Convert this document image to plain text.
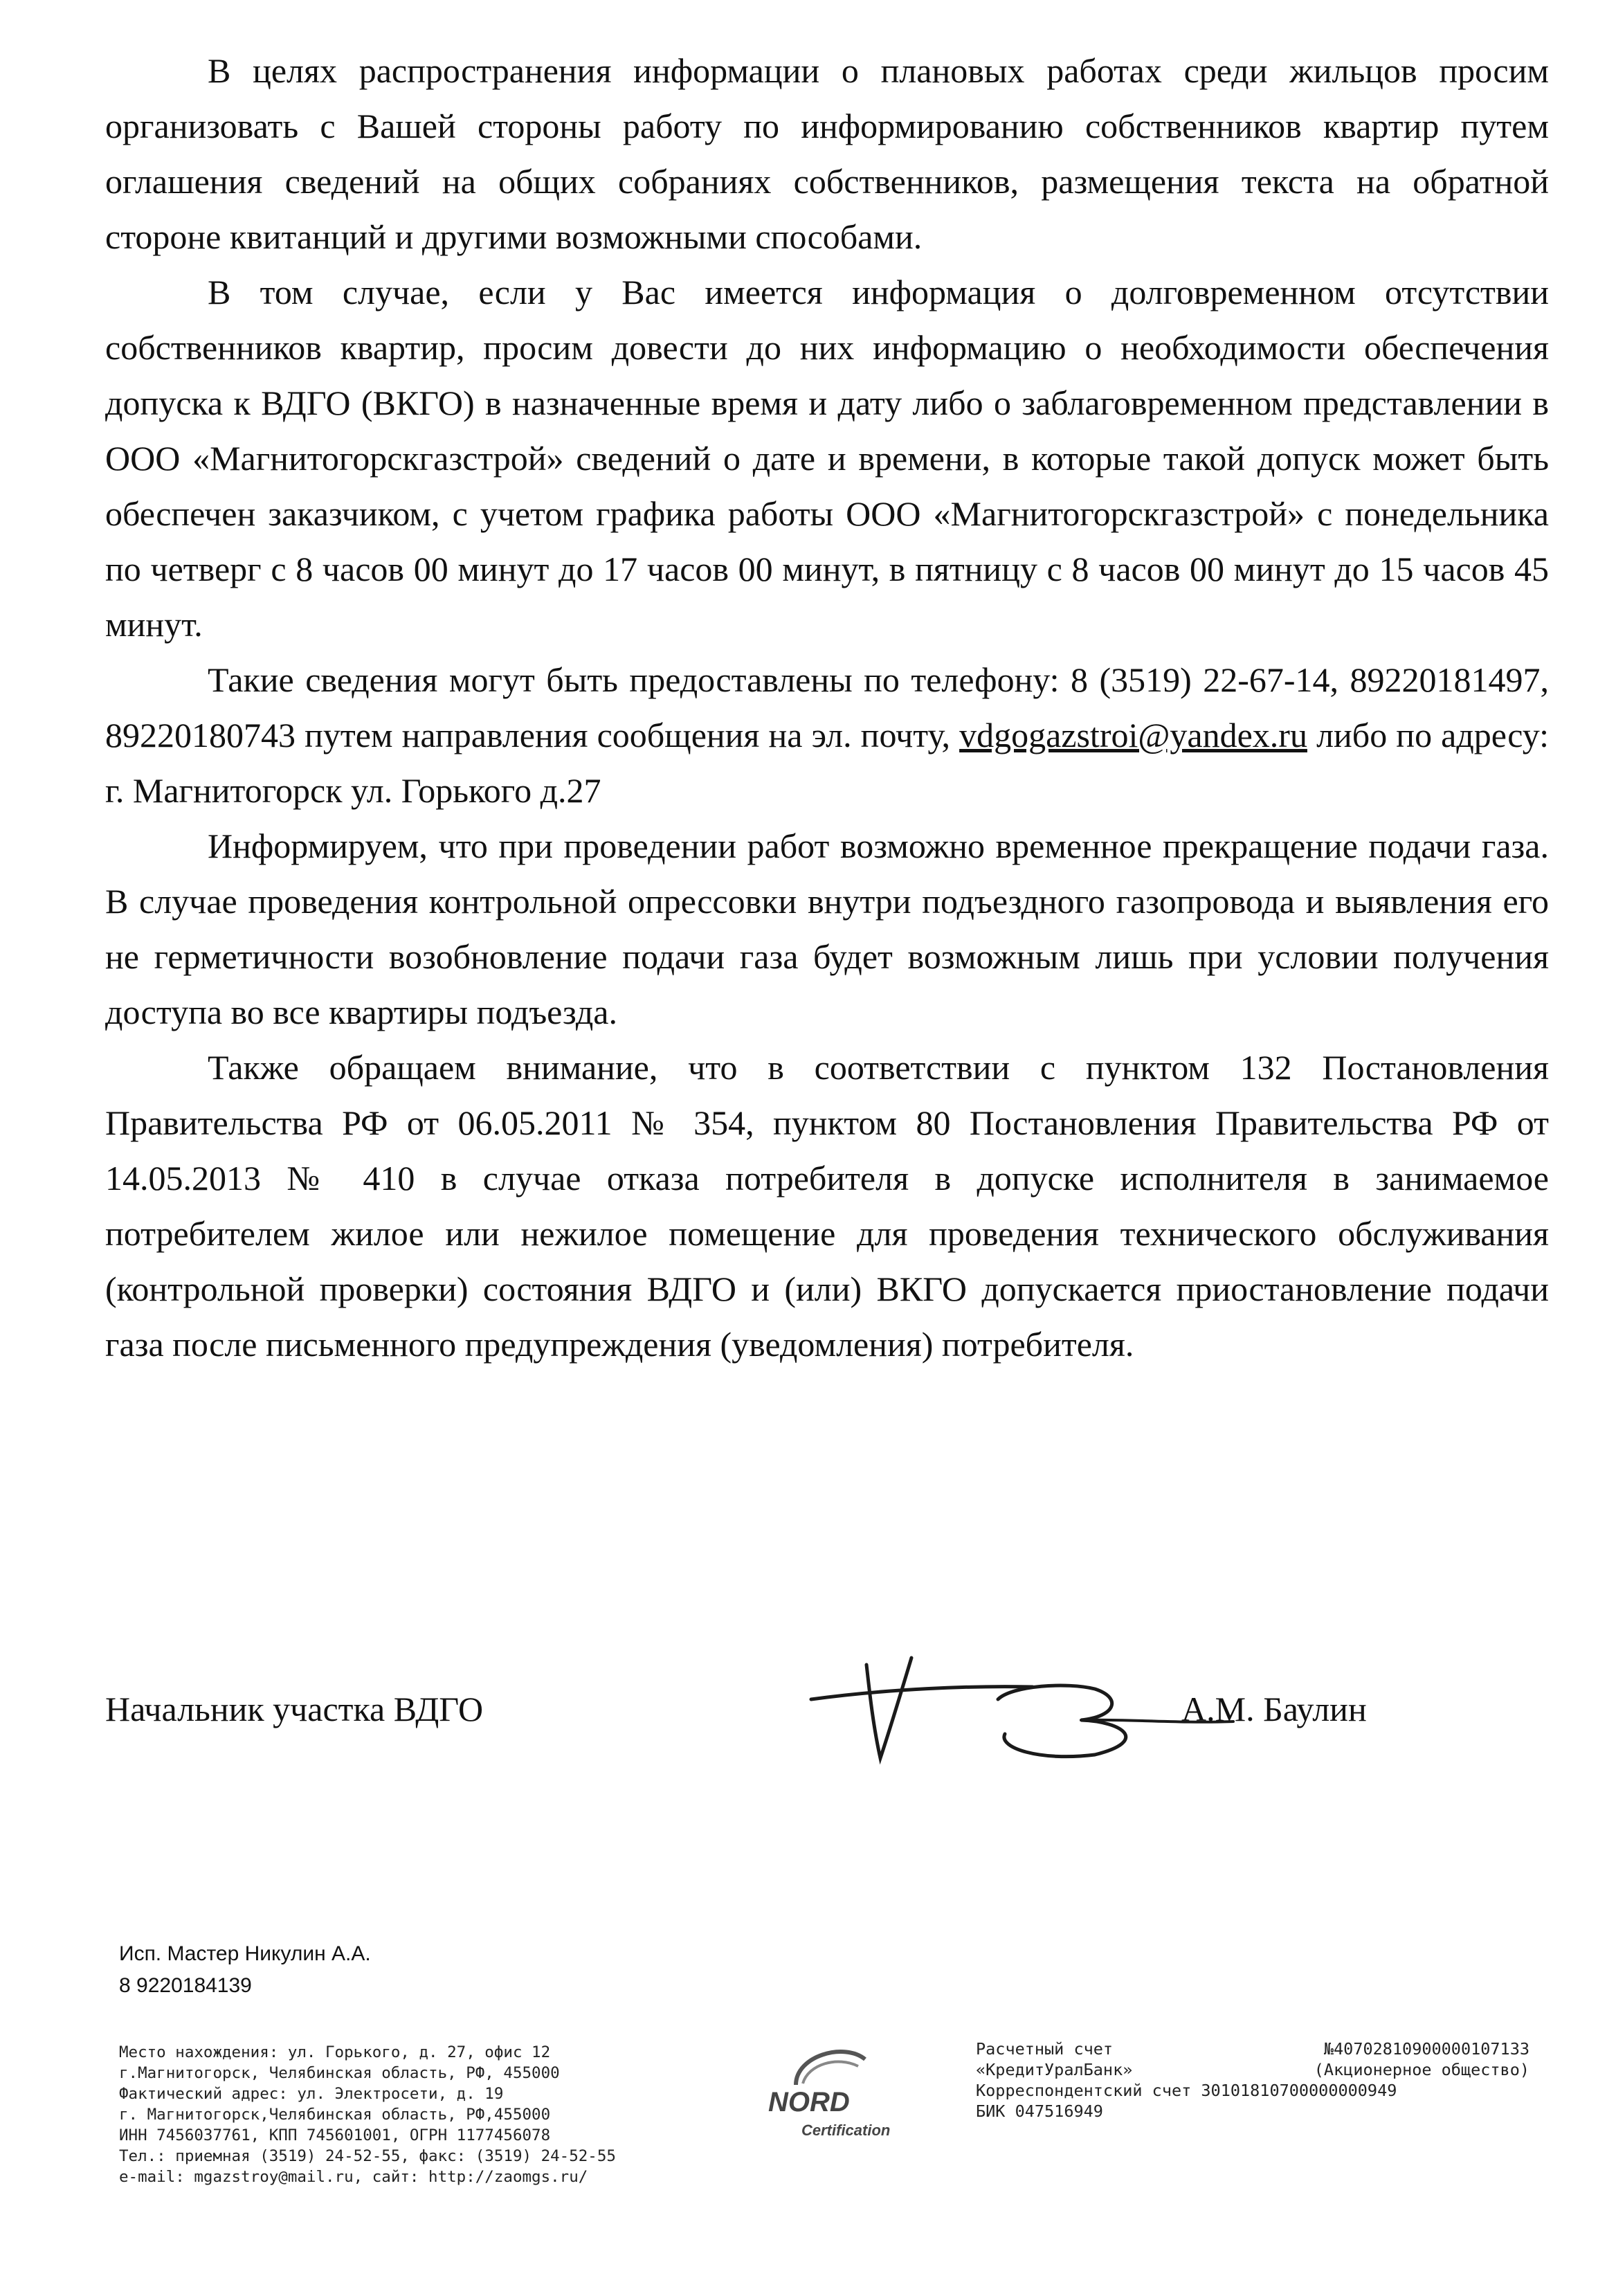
В целях распространения информации о плановых работах среди жильцов просим организовать с Вашей стороны работу по информированию собственников квартир путем оглашения сведений на общих собраниях собственников, размещения текста на обратной стороне квитанций и другими возможными способами.

В том случае, если у Вас имеется информация о долговременном отсутствии собственников квартир, просим довести до них информацию о необходимости обеспечения допуска к ВДГО (ВКГО) в назначенные время и дату либо о заблаговременном представлении в ООО «Магнитогорскгазстрой» сведений о дате и времени, в которые такой допуск может быть обеспечен заказчиком, с учетом графика работы ООО «Магнитогорскгазстрой» с понедельника по четверг с 8 часов 00 минут до 17 часов 00 минут, в пятницу с 8 часов 00 минут до 15 часов 45 минут.

Такие сведения могут быть предоставлены по телефону: 8 (3519) 22-67-14, 89220181497, 89220180743 путем направления сообщения на эл. почту, vdgogazstroi@yandex.ru либо по адресу: г. Магнитогорск ул. Горького д.27

Информируем, что при проведении работ возможно временное прекращение подачи газа. В случае проведения контрольной опрессовки внутри подъездного газопровода и выявления его не герметичности возобновление подачи газа будет возможным лишь при условии получения доступа во все квартиры подъезда.

Также обращаем внимание, что в соответствии с пунктом 132 Постановления Правительства РФ от 06.05.2011 № 354, пунктом 80 Постановления Правительства РФ от 14.05.2013 № 410 в случае отказа потребителя в допуске исполнителя в занимаемое потребителем жилое или нежилое помещение для проведения технического обслуживания (контрольной проверки) состояния ВДГО и (или) ВКГО допускается приостановление подачи газа после письменного предупреждения (уведомления) потребителя.

Начальник участка ВДГО	А.М. Баулин
Исп. Мастер Никулин А.А.
8 9220184139
Место нахождения: ул. Горького, д. 27, офис 12
г.Магнитогорск, Челябинская область, РФ, 455000
Фактический адрес: ул. Электросети, д. 19
г. Магнитогорск,Челябинская область, РФ,455000
ИНН 7456037761, КПП 745601001, ОГРН 1177456078
Тел.: приемная (3519) 24-52-55, факс: (3519) 24-52-55
e-mail: mgazstroy@mail.ru, сайт: http://zaomgs.ru/
NORD
Certification
Расчетный счет	№40702810900000107133
«КредитУралБанк»	(Акционерное общество)
Корреспондентский счет 30101810700000000949
БИК 047516949
